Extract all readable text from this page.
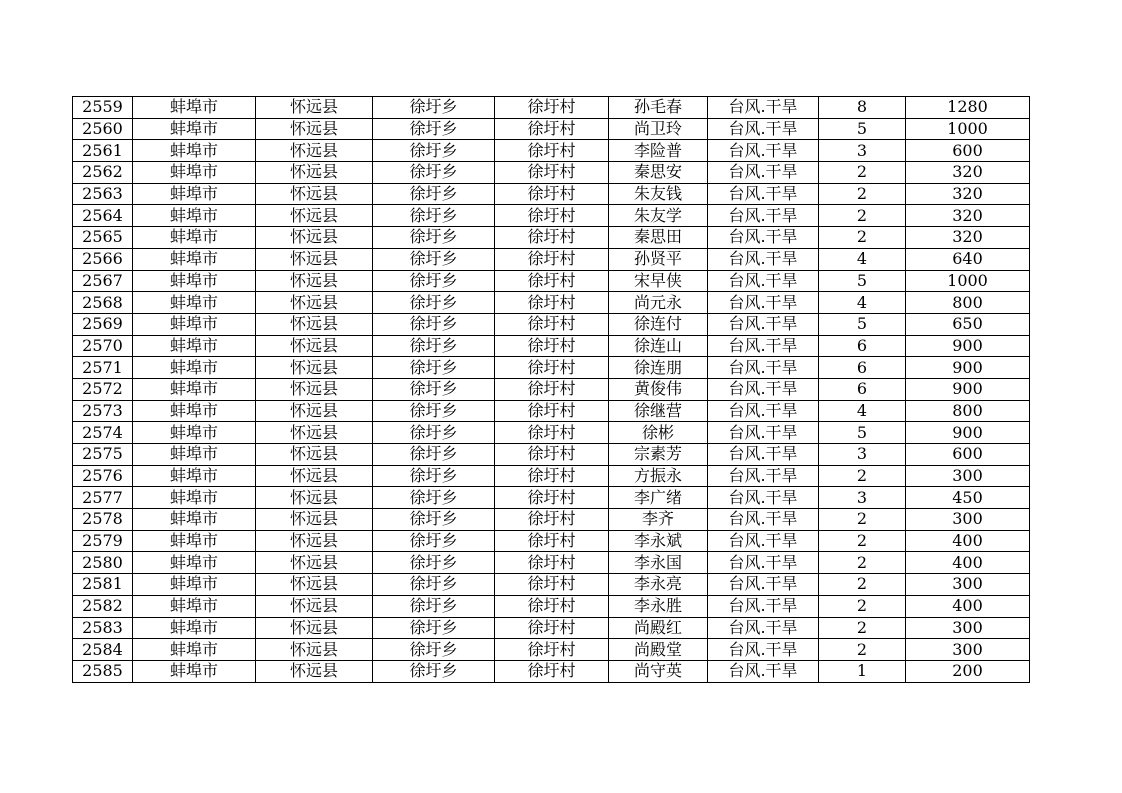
2559	蚌埠市	怀远县	徐圩乡	徐圩村	孙毛春	台风.干旱	8	1280
2560	蚌埠市	怀远县	徐圩乡	徐圩村	尚卫玲	台风.干旱	5	1000
2561	蚌埠市	怀远县	徐圩乡	徐圩村	李险普	台风.干旱	3	600
2562	蚌埠市	怀远县	徐圩乡	徐圩村	秦思安	台风.干旱	2	320
2563	蚌埠市	怀远县	徐圩乡	徐圩村	朱友钱	台风.干旱	2	320
2564	蚌埠市	怀远县	徐圩乡	徐圩村	朱友学	台风.干旱	2	320
2565	蚌埠市	怀远县	徐圩乡	徐圩村	秦思田	台风.干旱	2	320
2566	蚌埠市	怀远县	徐圩乡	徐圩村	孙贤平	台风.干旱	4	640
2567	蚌埠市	怀远县	徐圩乡	徐圩村	宋早侠	台风.干旱	5	1000
2568	蚌埠市	怀远县	徐圩乡	徐圩村	尚元永	台风.干旱	4	800
2569	蚌埠市	怀远县	徐圩乡	徐圩村	徐连付	台风.干旱	5	650
2570	蚌埠市	怀远县	徐圩乡	徐圩村	徐连山	台风.干旱	6	900
2571	蚌埠市	怀远县	徐圩乡	徐圩村	徐连朋	台风.干旱	6	900
2572	蚌埠市	怀远县	徐圩乡	徐圩村	黄俊伟	台风.干旱	6	900
2573	蚌埠市	怀远县	徐圩乡	徐圩村	徐继营	台风.干旱	4	800
2574	蚌埠市	怀远县	徐圩乡	徐圩村	徐彬	台风.干旱	5	900
2575	蚌埠市	怀远县	徐圩乡	徐圩村	宗素芳	台风.干旱	3	600
2576	蚌埠市	怀远县	徐圩乡	徐圩村	方振永	台风.干旱	2	300
2577	蚌埠市	怀远县	徐圩乡	徐圩村	李广绪	台风.干旱	3	450
2578	蚌埠市	怀远县	徐圩乡	徐圩村	李齐	台风.干旱	2	300
2579	蚌埠市	怀远县	徐圩乡	徐圩村	李永斌	台风.干旱	2	400
2580	蚌埠市	怀远县	徐圩乡	徐圩村	李永国	台风.干旱	2	400
2581	蚌埠市	怀远县	徐圩乡	徐圩村	李永亮	台风.干旱	2	300
2582	蚌埠市	怀远县	徐圩乡	徐圩村	李永胜	台风.干旱	2	400
2583	蚌埠市	怀远县	徐圩乡	徐圩村	尚殿红	台风.干旱	2	300
2584	蚌埠市	怀远县	徐圩乡	徐圩村	尚殿堂	台风.干旱	2	300
2585	蚌埠市	怀远县	徐圩乡	徐圩村	尚守英	台风.干旱	1	200
